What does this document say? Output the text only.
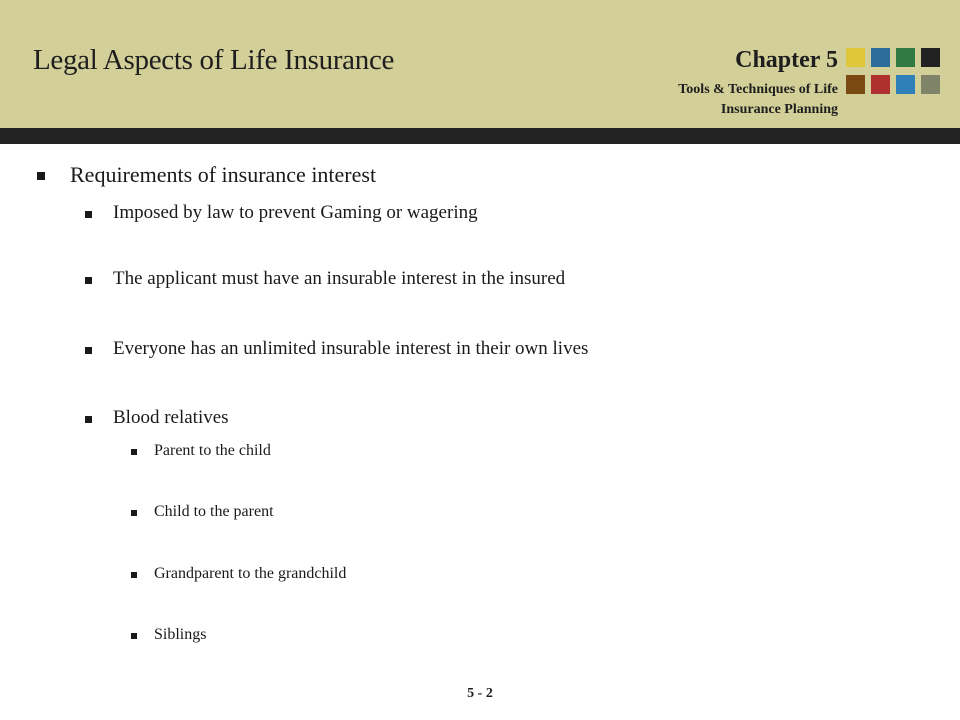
Legal Aspects of Life Insurance	Chapter 5
Tools & Techniques of Life
Insurance Planning
Requirements of insurance interest
Imposed by law to prevent Gaming or wagering
The applicant must have an insurable interest in the insured
Everyone has an unlimited insurable interest in their own lives
Blood relatives
Parent to the child
Child to the parent
Grandparent to the grandchild
Siblings
5 - 2
